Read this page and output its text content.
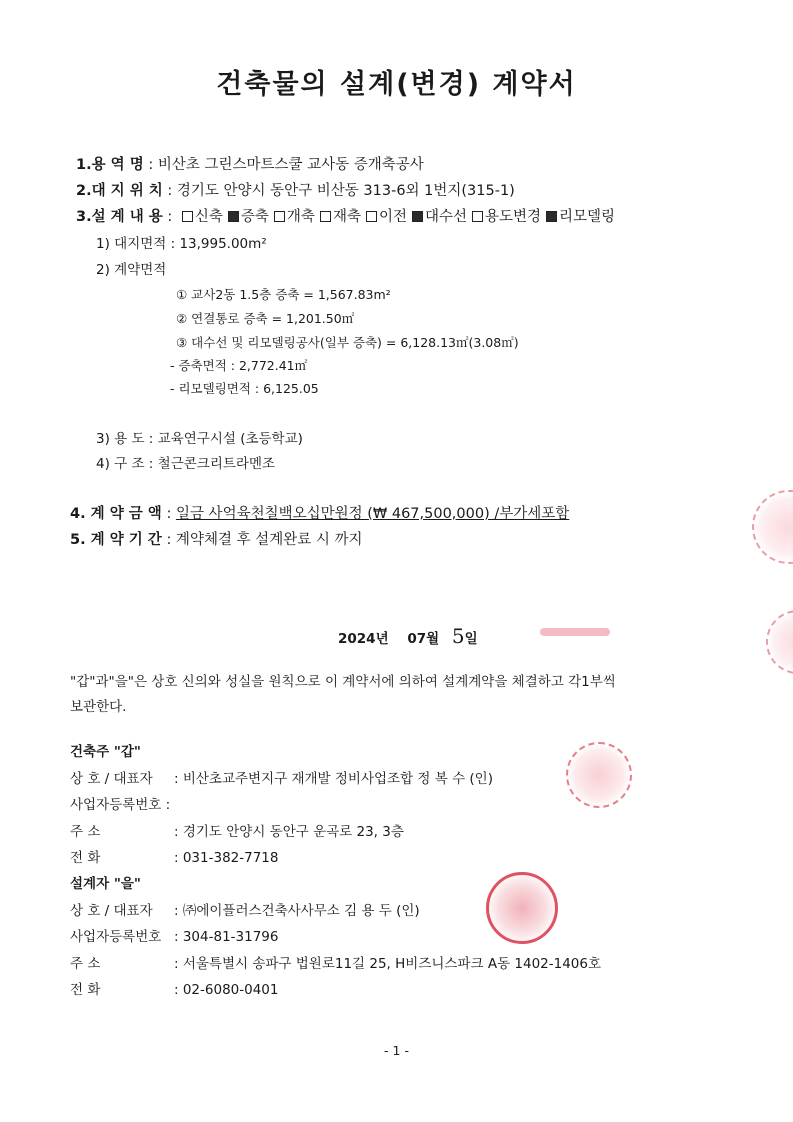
건축물의 설계(변경) 계약서
1.용 역 명 : 비산초 그린스마트스쿨 교사동 증개축공사
2.대 지 위 치 : 경기도 안양시 동안구 비산동 313-6외 1번지(315-1)
3.설 계 내 용 : 신축 증축 개축 재축 이전 대수선 용도변경 리모델링
1) 대지면적 : 13,995.00m²
2) 계약면적
① 교사2동 1.5층 증축 = 1,567.83m²
② 연결통로 증축 = 1,201.50㎡
③ 대수선 및 리모델링공사(일부 증축) = 6,128.13㎡(3.08㎡)
- 증축면적 : 2,772.41㎡
- 리모델링면적 : 6,125.05
3) 용 도 : 교육연구시설 (초등학교)
4) 구 조 : 철근콘크리트라멘조
4. 계 약 금 액 : 일금 사억육천칠백오십만원정 (₩ 467,500,000) /부가세포함
5. 계 약 기 간 : 계약체결 후 설계완료 시 까지
2024년 07월 5일
"갑"과"을"은 상호 신의와 성실을 원칙으로 이 계약서에 의하여 설계계약을 체결하고 각1부씩
보관한다.
건축주 "갑"
상 호 / 대표자 : 비산초교주변지구 재개발 정비사업조합 정 복 수 (인)
사업자등록번호 :
주 소	: 경기도 안양시 동안구 운곡로 23, 3층
전 화	: 031-382-7718
설계자 "을"
상 호 / 대표자 : ㈜에이플러스건축사사무소 김 용 두 (인)
사업자등록번호 : 304-81-31796
주 소	: 서울특별시 송파구 법원로11길 25, H비즈니스파크 A동 1402-1406호
전 화	: 02-6080-0401
- 1 -
